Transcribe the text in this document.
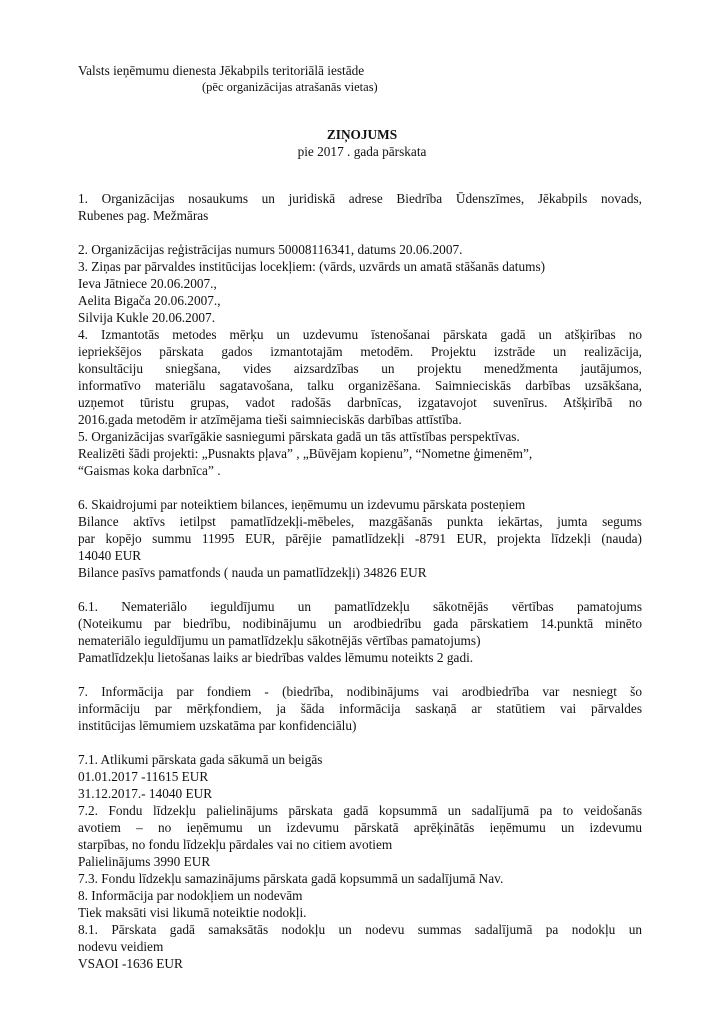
Valsts ieņēmumu dienesta Jēkabpils teritoriālā iestāde
(pēc organizācijas atrašanās vietas)
ZIŅOJUMS
pie 2017 . gada pārskata
1. Organizācijas nosaukums un juridiskā adrese Biedrība Ūdenszīmes, Jēkabpils novads,
Rubenes pag. Mežmāras
2. Organizācijas reģistrācijas numurs 50008116341, datums 20.06.2007.
3. Ziņas par pārvaldes institūcijas locekļiem: (vārds, uzvārds un amatā stāšanās datums)
Ieva Jātniece 20.06.2007.,
Aelita Bigača 20.06.2007.,
Silvija Kukle 20.06.2007.
4. Izmantotās metodes mērķu un uzdevumu īstenošanai pārskata gadā un atšķirības no
iepriekšējos pārskata gados izmantotajām metodēm. Projektu izstrāde un realizācija,
konsultāciju sniegšana, vides aizsardzības un projektu menedžmenta jautājumos,
informatīvo materiālu sagatavošana, talku organizēšana. Saimnieciskās darbības uzsākšana,
uzņemot tūristu grupas, vadot radošās darbnīcas, izgatavojot suvenīrus. Atšķirībā no
2016.gada metodēm ir atzīmējama tieši saimnieciskās darbības attīstība.
5. Organizācijas svarīgākie sasniegumi pārskata gadā un tās attīstības perspektīvas.
Realizēti šādi projekti: „Pusnakts pļava” , „Būvējam kopienu”, “Nometne ģimenēm”,
“Gaismas koka darbnīca” .
6. Skaidrojumi par noteiktiem bilances, ieņēmumu un izdevumu pārskata posteņiem
Bilance aktīvs ietilpst pamatlīdzekļi-mēbeles, mazgāšanās punkta iekārtas, jumta segums
par kopējo summu 11995 EUR, pārējie pamatlīdzekļi -8791 EUR, projekta līdzekļi (nauda)
14040 EUR
Bilance pasīvs pamatfonds ( nauda un pamatlīdzekļi) 34826 EUR
6.1. Nemateriālo ieguldījumu un pamatlīdzekļu sākotnējās vērtības pamatojums
(Noteikumu par biedrību, nodibinājumu un arodbiedrību gada pārskatiem 14.punktā minēto
nemateriālo ieguldījumu un pamatlīdzekļu sākotnējās vērtības pamatojums)
Pamatlīdzekļu lietošanas laiks ar biedrības valdes lēmumu noteikts 2 gadi.
7. Informācija par fondiem - (biedrība, nodibinājums vai arodbiedrība var nesniegt šo
informāciju par mērķfondiem, ja šāda informācija saskaņā ar statūtiem vai pārvaldes
institūcijas lēmumiem uzskatāma par konfidenciālu)
7.1. Atlikumi pārskata gada sākumā un beigās
01.01.2017 -11615 EUR
31.12.2017.- 14040 EUR
7.2. Fondu līdzekļu palielinājums pārskata gadā kopsummā un sadalījumā pa to veidošanās
avotiem – no ieņēmumu un izdevumu pārskatā aprēķinātās ieņēmumu un izdevumu
starpības, no fondu līdzekļu pārdales vai no citiem avotiem
Palielinājums 3990 EUR
7.3. Fondu līdzekļu samazinājums pārskata gadā kopsummā un sadalījumā Nav.
8. Informācija par nodokļiem un nodevām
Tiek maksāti visi likumā noteiktie nodokļi.
8.1. Pārskata gadā samaksātās nodokļu un nodevu summas sadalījumā pa nodokļu un
nodevu veidiem
VSAOI -1636 EUR
